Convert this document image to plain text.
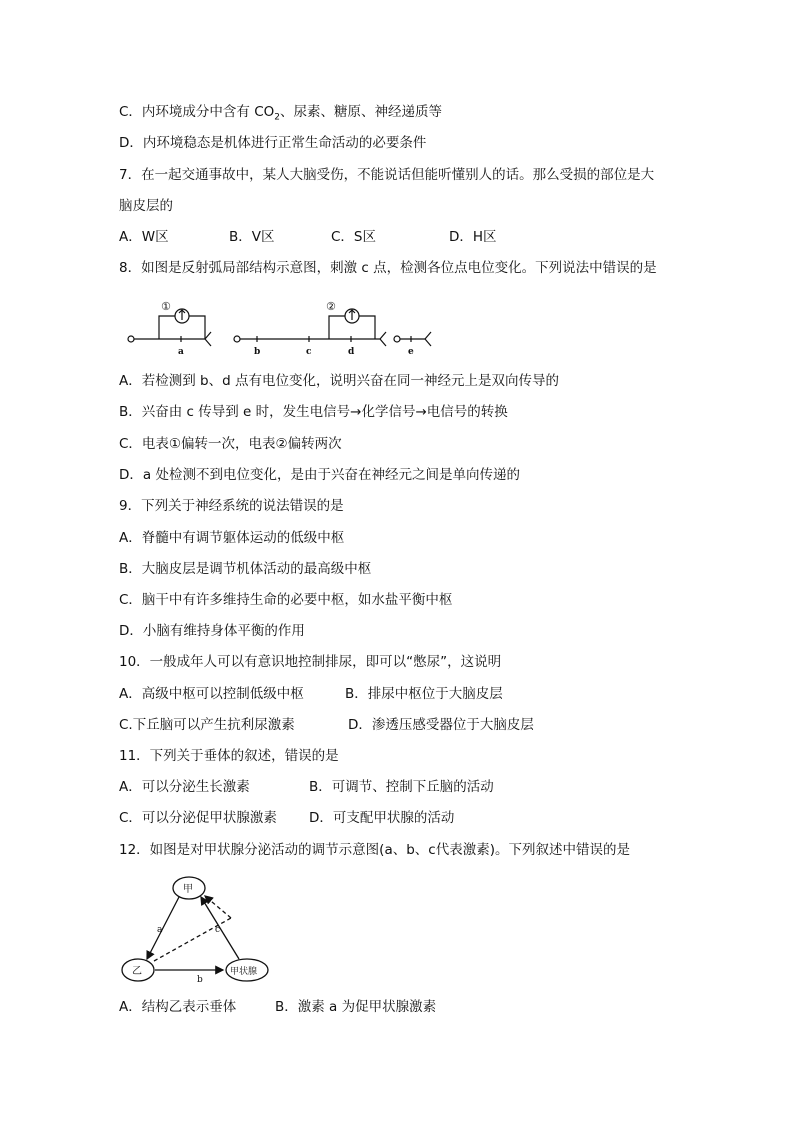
C．内环境成分中含有 $CO_2$、尿素、糖原、神经递质等
D．内环境稳态是机体进行正常生命活动的必要条件
7．在一起交通事故中，某人大脑受伤，不能说话但能听懂别人的话。那么受损的部位是大
脑皮层的
A．W区	B．V区	C．S区	D．H区
8．如图是反射弧局部结构示意图，刺激 c 点，检测各位点电位变化。下列说法中错误的是
①	②
a	b	c	d	e
A．若检测到 b、d 点有电位变化，说明兴奋在同一神经元上是双向传导的
B．兴奋由 c 传导到 e 时，发生电信号→化学信号→电信号的转换
C．电表①偏转一次，电表②偏转两次
D．a 处检测不到电位变化，是由于兴奋在神经元之间是单向传递的
9．下列关于神经系统的说法错误的是
A．脊髓中有调节躯体运动的低级中枢
B．大脑皮层是调节机体活动的最高级中枢
C．脑干中有许多维持生命的必要中枢，如水盐平衡中枢
D．小脑有维持身体平衡的作用
10．一般成年人可以有意识地控制排尿，即可以“憋尿”，这说明
A．高级中枢可以控制低级中枢	B．排尿中枢位于大脑皮层
C.下丘脑可以产生抗利尿激素	D．渗透压感受器位于大脑皮层
11．下列关于垂体的叙述，错误的是
A．可以分泌生长激素	B．可调节、控制下丘脑的活动
C．可以分泌促甲状腺激素 D．可支配甲状腺的活动
12．如图是对甲状腺分泌活动的调节示意图(a、b、c代表激素)。下列叙述中错误的是
甲
乙	甲状腺
a
b
c
A．结构乙表示垂体	B．激素 a 为促甲状腺激素
